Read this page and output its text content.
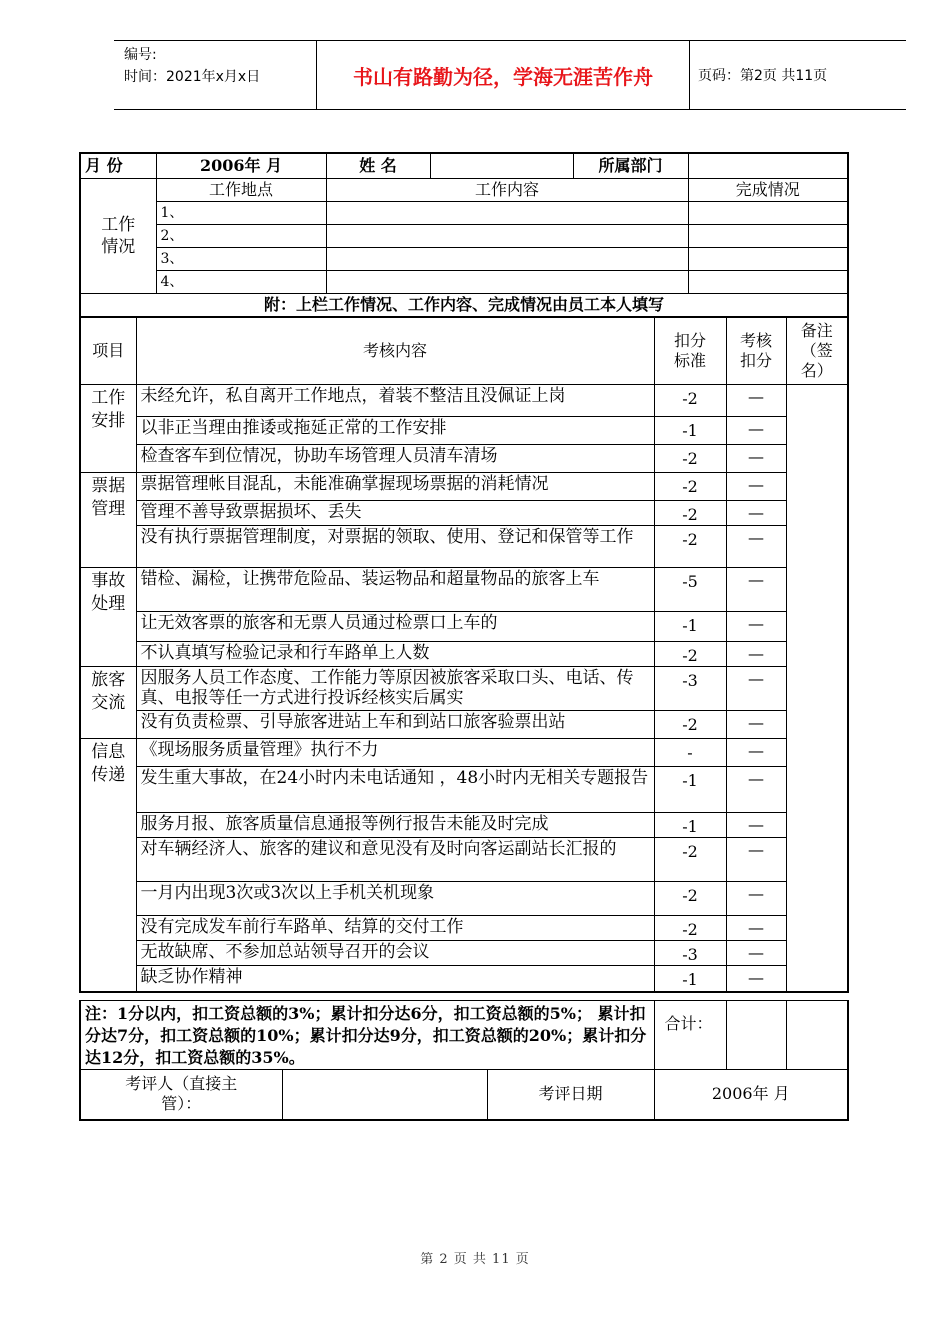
编号:
时间：2021年x月x日	书山有路勤为径，学海无涯苦作舟	页码：第2页 共11页
月 份	2006年 月	姓 名		所属部门	
工作情况	工作地点	工作内容			完成情况
	1、				
	2、				
	3、				
	4、				
附：上栏工作情况、工作内容、完成情况由员工本人填写					
项目	考核内容	扣分标准	考核扣分	备注（签名）
工作安排	未经允许，私自离开工作地点，着装不整洁且没佩证上岗	-2	—	
	以非正当理由推诿或拖延正常的工作安排	-1	—	
	检查客车到位情况，协助车场管理人员清车清场	-2	—	
票据管理	票据管理帐目混乱，未能准确掌握现场票据的消耗情况	-2	—	
	管理不善导致票据损坏、丢失	-2	—	
	没有执行票据管理制度，对票据的领取、使用、登记和保管等工作	-2	—	
事故处理	错检、漏检，让携带危险品、装运物品和超量物品的旅客上车	-5	—	
	让无效客票的旅客和无票人员通过检票口上车的	-1	—	
	不认真填写检验记录和行车路单上人数	-2	—	
旅客交流	因服务人员工作态度、工作能力等原因被旅客采取口头、电话、传真、电报等任一方式进行投诉经核实后属实	-3	—	
	没有负责检票、引导旅客进站上车和到站口旅客验票出站	-2	—	
信息传递	《现场服务质量管理》执行不力	-	—	
	发生重大事故，在24小时内未电话通知 ，48小时内无相关专题报告	-1	—	
	服务月报、旅客质量信息通报等例行报告未能及时完成	-1	—	
	对车辆经济人、旅客的建议和意见没有及时向客运副站长汇报的	-2	—	
	一月内出现3次或3次以上手机关机现象	-2	—	
	没有完成发车前行车路单、结算的交付工作	-2	—	
	无故缺席、不参加总站领导召开的会议	-3	—	
	缺乏协作精神	-1	—	
注：1分以内，扣工资总额的3%；累计扣分达6分，扣工资总额的5%； 累计扣分达7分，扣工资总额的10%；累计扣分达9分，扣工资总额的20%；累计扣分达12分，扣工资总额的35%。			合计：		
考评人（直接主管）：		考评日期	2006年 月		
第 2 页 共 11 页
